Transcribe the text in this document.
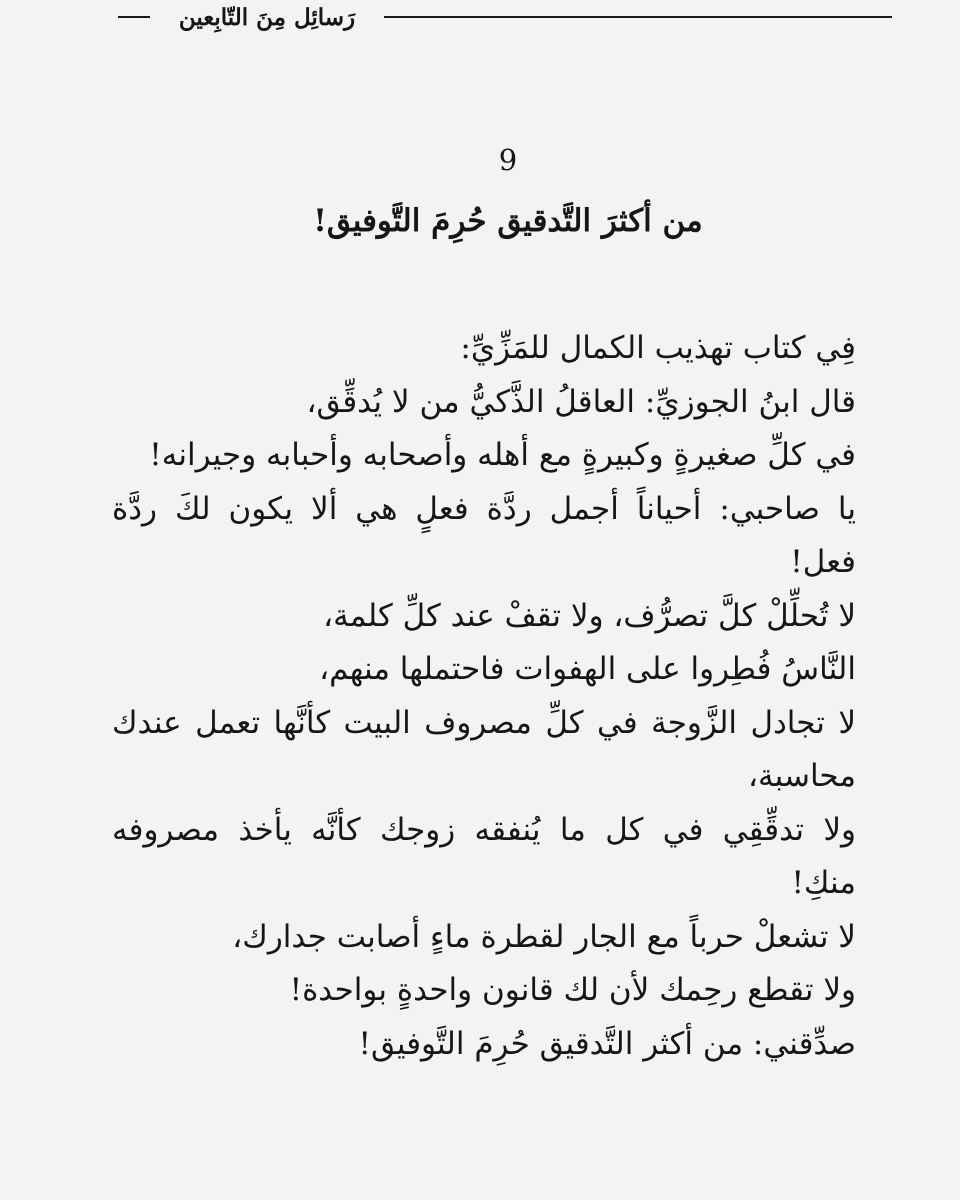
رَسائِل مِنَ التّابِعين
9
من أكثرَ التَّدقيق حُرِمَ التَّوفيق!
فِي كتاب تهذيب الكمال للمَزِّيِّ:
قال ابنُ الجوزيِّ: العاقلُ الذَّكيُّ من لا يُدقِّق،
في كلِّ صغيرةٍ وكبيرةٍ مع أهله وأصحابه وأحبابه وجيرانه!
يا صاحبي: أحياناً أجمل ردَّة فعلٍ هي ألا يكون لكَ ردَّة
فعل!
لا تُحلِّلْ كلَّ تصرُّف، ولا تقفْ عند كلِّ كلمة،
النَّاسُ فُطِروا على الهفوات فاحتملها منهم،
لا تجادل الزَّوجة في كلِّ مصروف البيت كأنَّها تعمل عندك
محاسبة،
ولا تدقِّقِي في كل ما يُنفقه زوجك كأنَّه يأخذ مصروفه
منكِ!
لا تشعلْ حرباً مع الجار لقطرة ماءٍ أصابت جدارك،
ولا تقطع رحِمك لأن لك قانون واحدةٍ بواحدة!
صدِّقني: من أكثر التَّدقيق حُرِمَ التَّوفيق!
